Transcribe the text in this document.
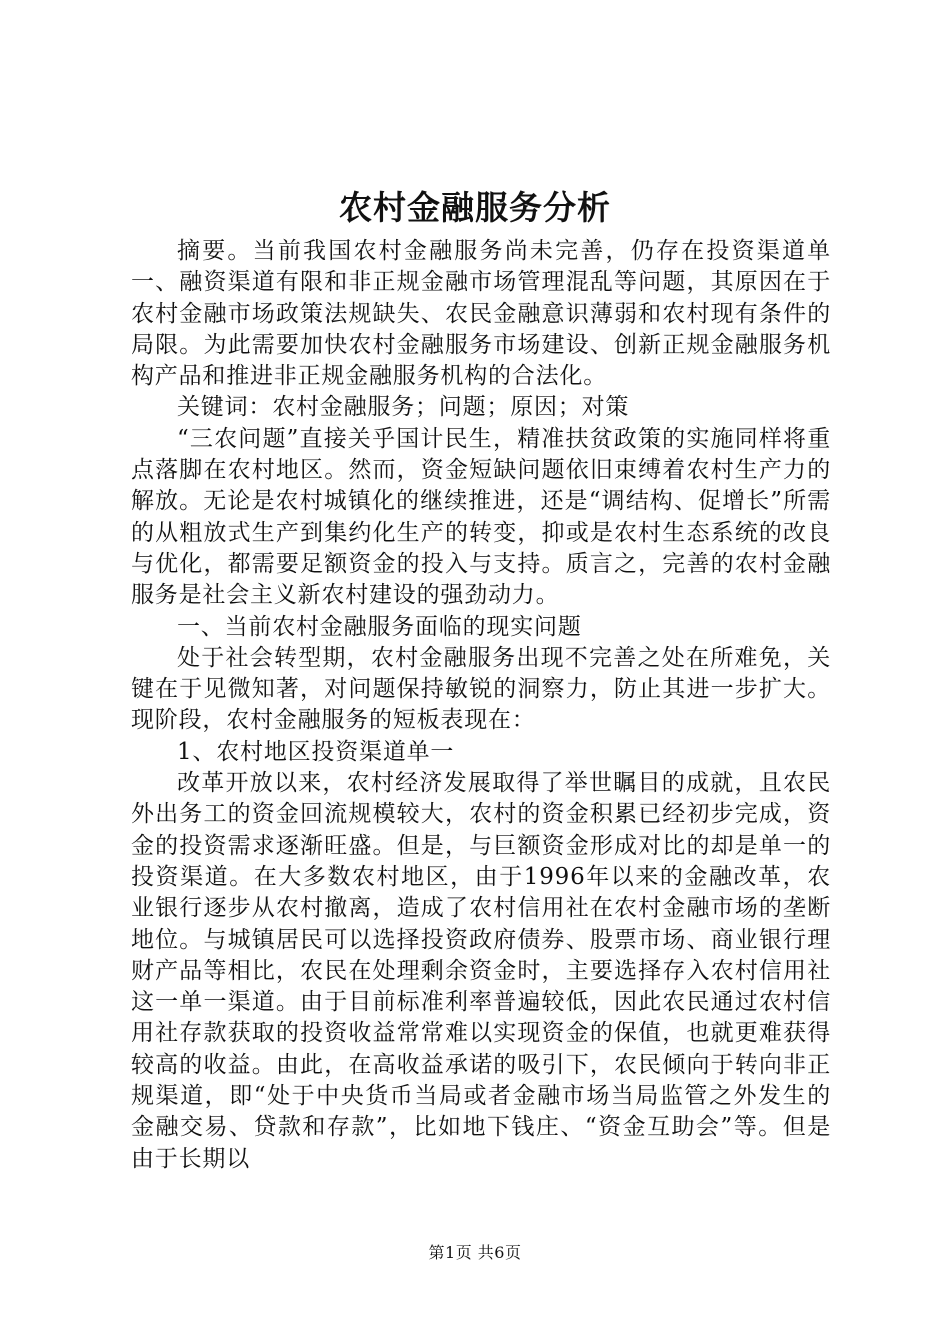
农村金融服务分析

摘要。当前我国农村金融服务尚未完善，仍存在投资渠道单一、融资渠道有限和非正规金融市场管理混乱等问题，其原因在于农村金融市场政策法规缺失、农民金融意识薄弱和农村现有条件的局限。为此需要加快农村金融服务市场建设、创新正规金融服务机构产品和推进非正规金融服务机构的合法化。

关键词：农村金融服务；问题；原因；对策

“三农问题”直接关乎国计民生，精准扶贫政策的实施同样将重点落脚在农村地区。然而，资金短缺问题依旧束缚着农村生产力的解放。无论是农村城镇化的继续推进，还是“调结构、促增长”所需的从粗放式生产到集约化生产的转变，抑或是农村生态系统的改良与优化，都需要足额资金的投入与支持。质言之，完善的农村金融服务是社会主义新农村建设的强劲动力。

一、当前农村金融服务面临的现实问题

处于社会转型期，农村金融服务出现不完善之处在所难免，关键在于见微知著，对问题保持敏锐的洞察力，防止其进一步扩大。现阶段，农村金融服务的短板表现在：

1、农村地区投资渠道单一

改革开放以来，农村经济发展取得了举世瞩目的成就，且农民外出务工的资金回流规模较大，农村的资金积累已经初步完成，资金的投资需求逐渐旺盛。但是，与巨额资金形成对比的却是单一的投资渠道。在大多数农村地区，由于1996年以来的金融改革，农业银行逐步从农村撤离，造成了农村信用社在农村金融市场的垄断地位。与城镇居民可以选择投资政府债券、股票市场、商业银行理财产品等相比，农民在处理剩余资金时，主要选择存入农村信用社这一单一渠道。由于目前标准利率普遍较低，因此农民通过农村信用社存款获取的投资收益常常难以实现资金的保值，也就更难获得较高的收益。由此，在高收益承诺的吸引下，农民倾向于转向非正规渠道，即“处于中央货币当局或者金融市场当局监管之外发生的金融交易、贷款和存款”，比如地下钱庄、“资金互助会”等。但是由于长期以

第1页 共6页
